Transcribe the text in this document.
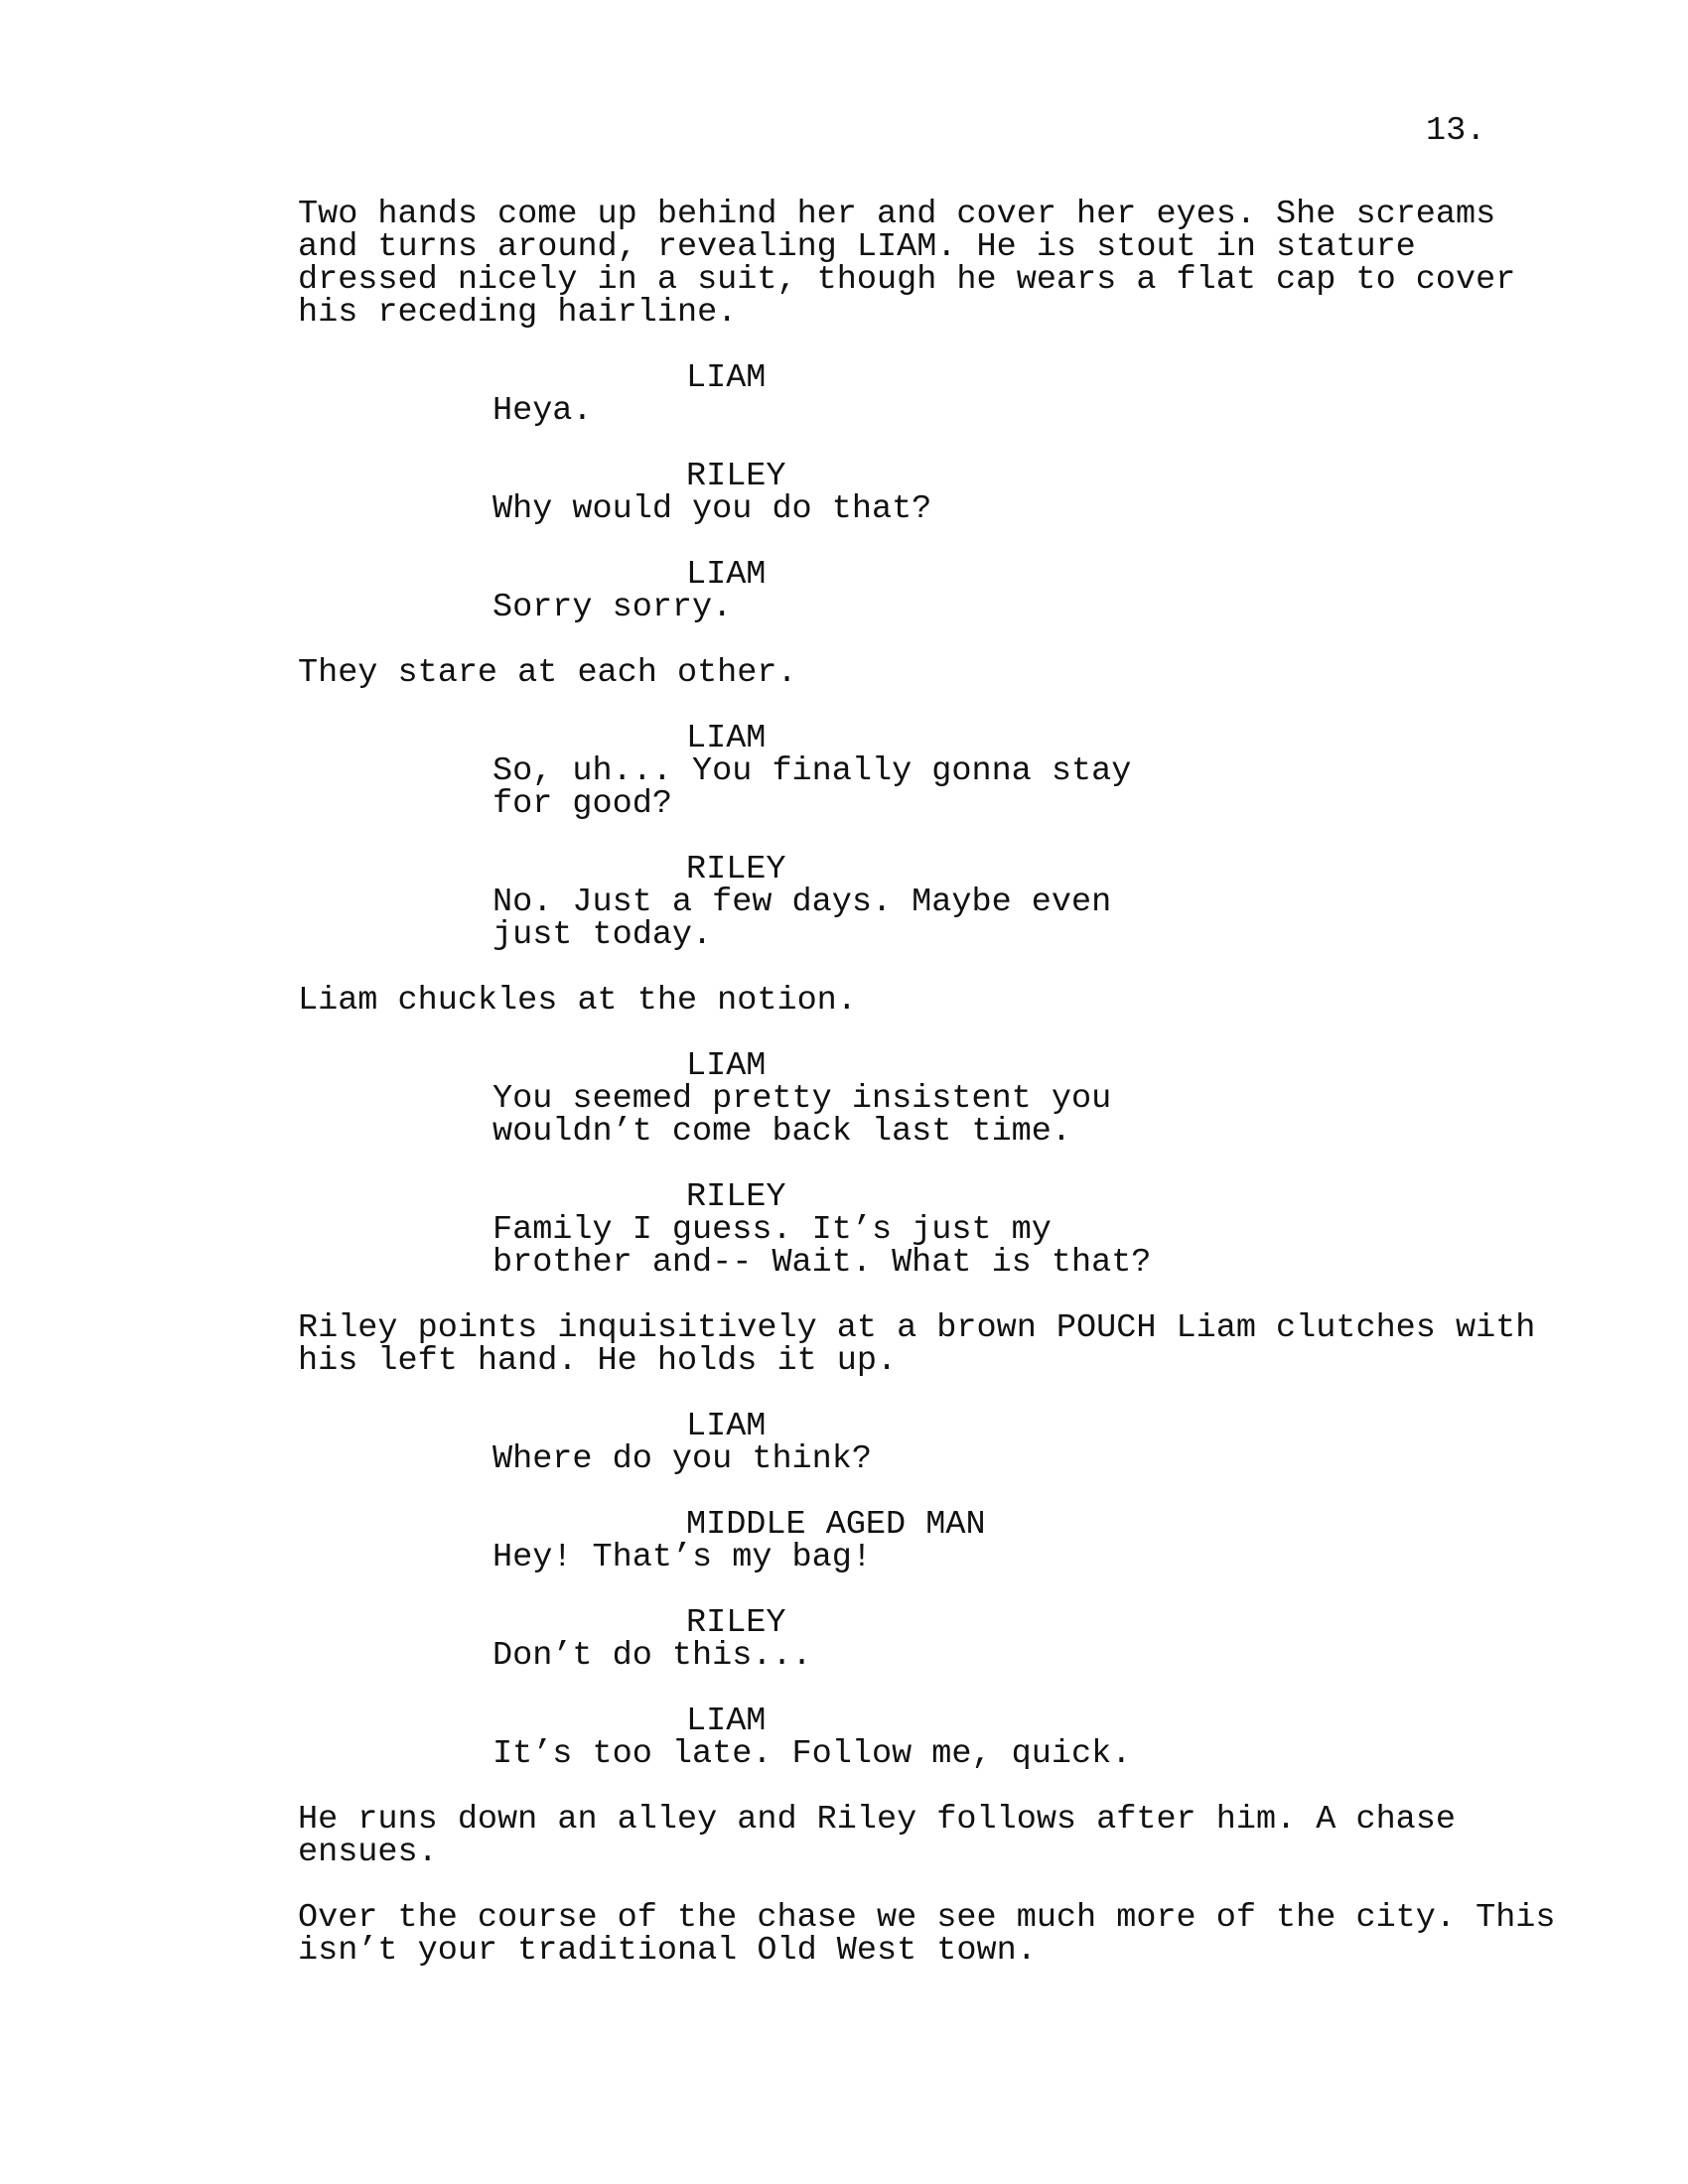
13.
Two hands come up behind her and cover her eyes. She screams
and turns around, revealing LIAM. He is stout in stature
dressed nicely in a suit, though he wears a flat cap to cover
his receding hairline.
LIAM
Heya.
RILEY
Why would you do that?
LIAM
Sorry sorry.
They stare at each other.
LIAM
So, uh... You finally gonna stay
for good?
RILEY
No. Just a few days. Maybe even
just today.
Liam chuckles at the notion.
LIAM
You seemed pretty insistent you
wouldn’t come back last time.
RILEY
Family I guess. It’s just my
brother and-- Wait. What is that?
Riley points inquisitively at a brown POUCH Liam clutches with
his left hand. He holds it up.
LIAM
Where do you think?
MIDDLE AGED MAN
Hey! That’s my bag!
RILEY
Don’t do this...
LIAM
It’s too late. Follow me, quick.
He runs down an alley and Riley follows after him. A chase
ensues.
Over the course of the chase we see much more of the city. This
isn’t your traditional Old West town.
